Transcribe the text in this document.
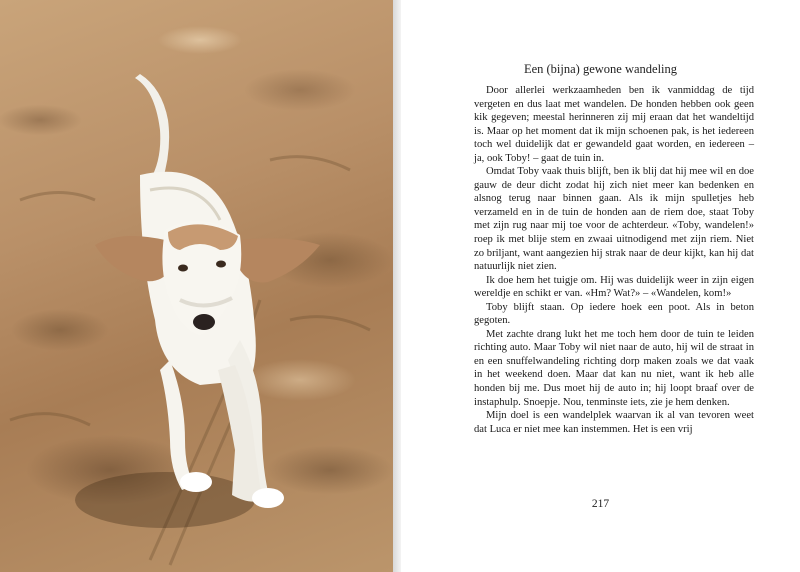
Een (bijna) gewone wandeling

Door allerlei werkzaamheden ben ik vanmiddag de tijd vergeten en dus laat met wandelen. De honden hebben ook geen kik gegeven; meestal herinneren zij mij eraan dat het wandeltijd is. Maar op het moment dat ik mijn schoenen pak, is het iedereen toch wel duidelijk dat er gewandeld gaat worden, en iedereen – ja, ook Toby! – gaat de tuin in.

Omdat Toby vaak thuis blijft, ben ik blij dat hij mee wil en doe gauw de deur dicht zodat hij zich niet meer kan bedenken en alsnog terug naar binnen gaan. Als ik mijn spulletjes heb verzameld en in de tuin de honden aan de riem doe, staat Toby met zijn rug naar mij toe voor de achterdeur. «Toby, wandelen!» roep ik met blije stem en zwaai uitnodigend met zijn riem. Niet zo briljant, want aangezien hij strak naar de deur kijkt, kan hij dat natuurlijk niet zien.

Ik doe hem het tuigje om. Hij was duidelijk weer in zijn eigen wereldje en schikt er van. «Hm? Wat?» – «Wandelen, kom!»

Toby blijft staan. Op iedere hoek een poot. Als in beton gegoten.

Met zachte drang lukt het me toch hem door de tuin te leiden richting auto. Maar Toby wil niet naar de auto, hij wil de straat in en een snuffelwandeling richting dorp maken zoals we dat vaak in het weekend doen. Maar dat kan nu niet, want ik heb alle honden bij me. Dus moet hij de auto in; hij loopt braaf over de instaphulp. Snoepje. Nou, tenminste iets, zie je hem denken.

Mijn doel is een wandelplek waarvan ik al van tevoren weet dat Luca er niet mee kan instemmen. Het is een vrij

217
